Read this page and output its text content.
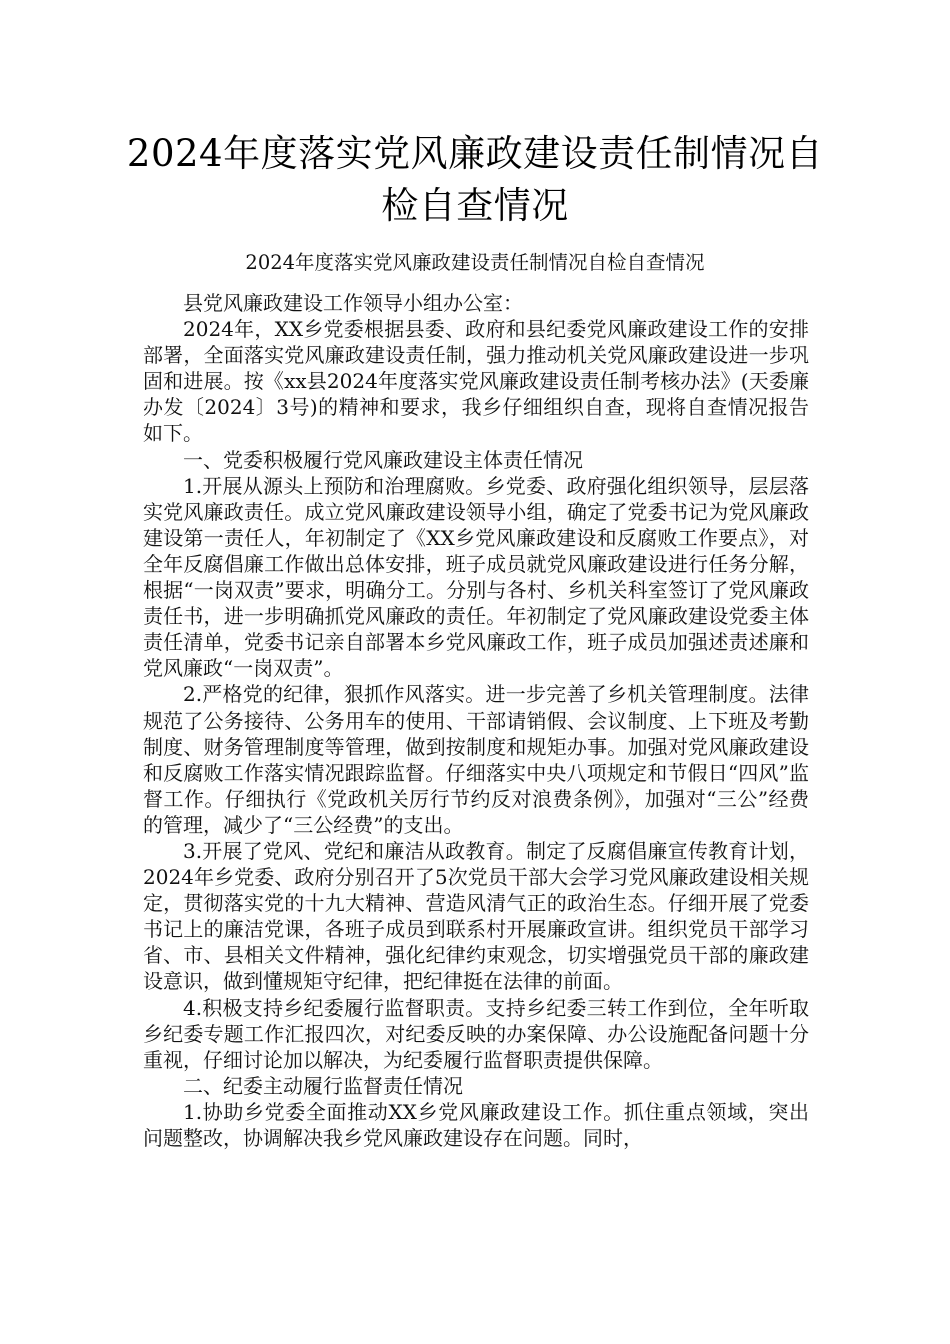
2024年度落实党风廉政建设责任制情况自
检自查情况
2024年度落实党风廉政建设责任制情况自检自查情况

县党风廉政建设工作领导小组办公室：

2024年，XX乡党委根据县委、政府和县纪委党风廉政建设工作的安排部署，全面落实党风廉政建设责任制，强力推动机关党风廉政建设进一步巩固和进展。按《xx县2024年度落实党风廉政建设责任制考核办法》(天委廉办发〔2024〕3号)的精神和要求，我乡仔细组织自查，现将自查情况报告如下。

一、党委积极履行党风廉政建设主体责任情况

1.开展从源头上预防和治理腐败。乡党委、政府强化组织领导，层层落实党风廉政责任。成立党风廉政建设领导小组，确定了党委书记为党风廉政建设第一责任人，年初制定了《XX乡党风廉政建设和反腐败工作要点》，对全年反腐倡廉工作做出总体安排，班子成员就党风廉政建设进行任务分解，根据“一岗双责”要求，明确分工。分别与各村、乡机关科室签订了党风廉政责任书，进一步明确抓党风廉政的责任。年初制定了党风廉政建设党委主体责任清单，党委书记亲自部署本乡党风廉政工作，班子成员加强述责述廉和党风廉政“一岗双责”。

2.严格党的纪律，狠抓作风落实。进一步完善了乡机关管理制度。法律规范了公务接待、公务用车的使用、干部请销假、会议制度、上下班及考勤制度、财务管理制度等管理，做到按制度和规矩办事。加强对党风廉政建设和反腐败工作落实情况跟踪监督。仔细落实中央八项规定和节假日“四风”监督工作。仔细执行《党政机关厉行节约反对浪费条例》，加强对“三公”经费的管理，减少了“三公经费”的支出。

3.开展了党风、党纪和廉洁从政教育。制定了反腐倡廉宣传教育计划，2024年乡党委、政府分别召开了5次党员干部大会学习党风廉政建设相关规定，贯彻落实党的十九大精神、营造风清气正的政治生态。仔细开展了党委书记上的廉洁党课，各班子成员到联系村开展廉政宣讲。组织党员干部学习省、市、县相关文件精神，强化纪律约束观念，切实增强党员干部的廉政建设意识，做到懂规矩守纪律，把纪律挺在法律的前面。

4.积极支持乡纪委履行监督职责。支持乡纪委三转工作到位，全年听取乡纪委专题工作汇报四次，对纪委反映的办案保障、办公设施配备问题十分重视，仔细讨论加以解决，为纪委履行监督职责提供保障。

二、纪委主动履行监督责任情况

1.协助乡党委全面推动XX乡党风廉政建设工作。抓住重点领域，突出问题整改，协调解决我乡党风廉政建设存在问题。同时，
